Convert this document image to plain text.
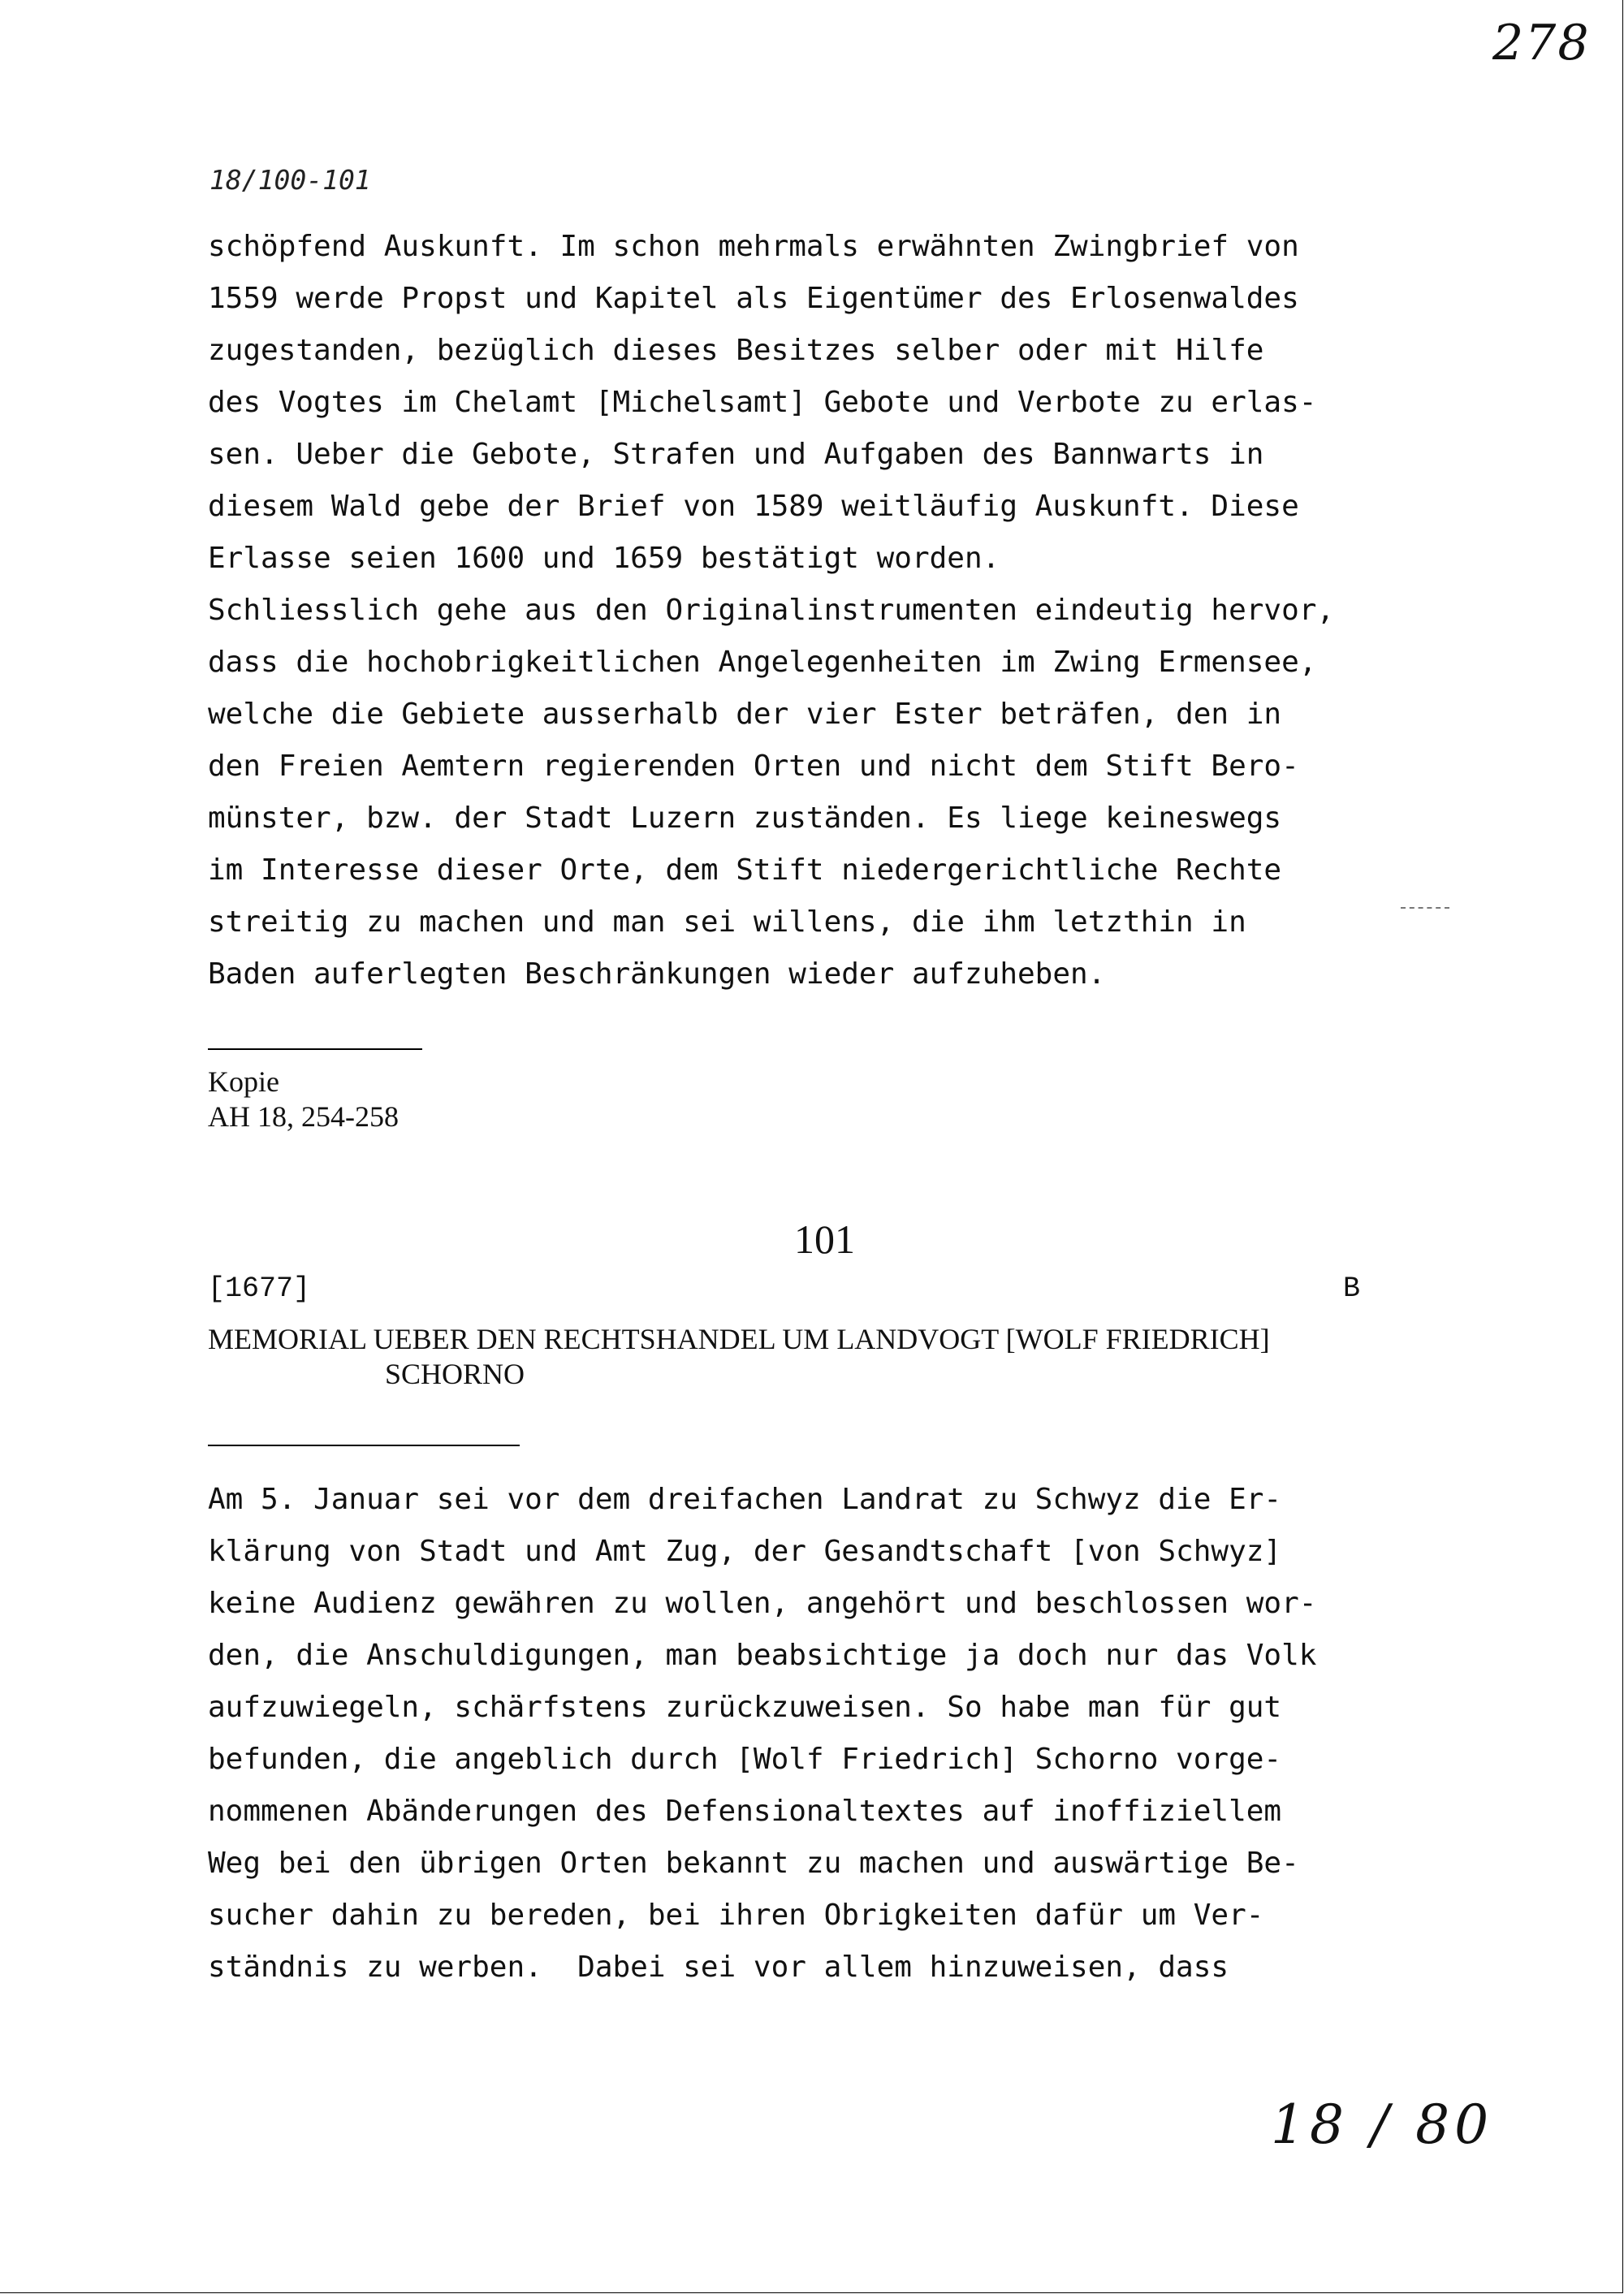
278
18/100-101
schöpfend Auskunft. Im schon mehrmals erwähnten Zwingbrief von
1559 werde Propst und Kapitel als Eigentümer des Erlosenwaldes
zugestanden, bezüglich dieses Besitzes selber oder mit Hilfe
des Vogtes im Chelamt [Michelsamt] Gebote und Verbote zu erlas-
sen. Ueber die Gebote, Strafen und Aufgaben des Bannwarts in
diesem Wald gebe der Brief von 1589 weitläufig Auskunft. Diese
Erlasse seien 1600 und 1659 bestätigt worden.
Schliesslich gehe aus den Originalinstrumenten eindeutig hervor,
dass die hochobrigkeitlichen Angelegenheiten im Zwing Ermensee,
welche die Gebiete ausserhalb der vier Ester beträfen, den in
den Freien Aemtern regierenden Orten und nicht dem Stift Bero-
münster, bzw. der Stadt Luzern zuständen. Es liege keineswegs
im Interesse dieser Orte, dem Stift niedergerichtliche Rechte
streitig zu machen und man sei willens, die ihm letzthin in
Baden auferlegten Beschränkungen wieder aufzuheben.
Kopie
AH 18, 254-258
101
[1677]	B
MEMORIAL UEBER DEN RECHTSHANDEL UM LANDVOGT [WOLF FRIEDRICH]
SCHORNO
Am 5. Januar sei vor dem dreifachen Landrat zu Schwyz die Er-
klärung von Stadt und Amt Zug, der Gesandtschaft [von Schwyz]
keine Audienz gewähren zu wollen, angehört und beschlossen wor-
den, die Anschuldigungen, man beabsichtige ja doch nur das Volk
aufzuwiegeln, schärfstens zurückzuweisen. So habe man für gut
befunden, die angeblich durch [Wolf Friedrich] Schorno vorge-
nommenen Abänderungen des Defensionaltextes auf inoffiziellem
Weg bei den übrigen Orten bekannt zu machen und auswärtige Be-
sucher dahin zu bereden, bei ihren Obrigkeiten dafür um Ver-
ständnis zu werben.  Dabei sei vor allem hinzuweisen, dass
18 / 80
